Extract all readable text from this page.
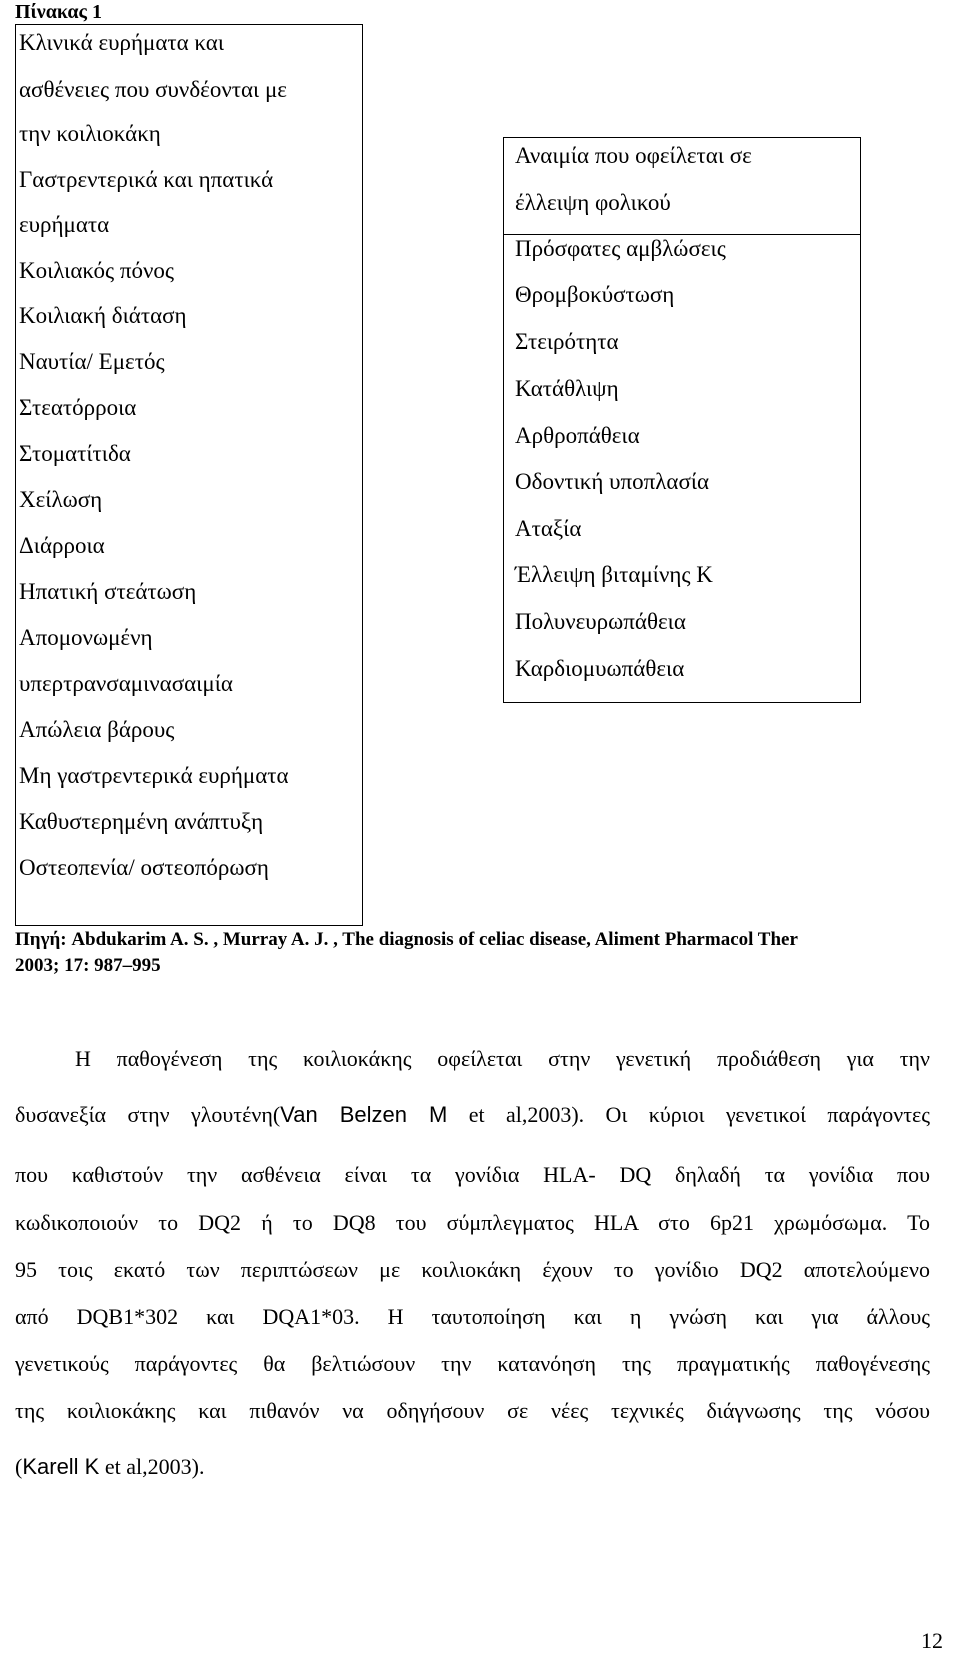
Πίνακας 1
Κλινικά ευρήματα και
ασθένειες που συνδέονται με
την κοιλιοκάκη
Γαστρεντερικά και ηπατικά
ευρήματα
Κοιλιακός πόνος
Κοιλιακή διάταση
Ναυτία/ Εμετός
Στεατόρροια
Στοματίτιδα
Χείλωση
Διάρροια
Ηπατική στεάτωση
Απομονωμένη
υπερτρανσαμινασαιμία
Απώλεια βάρους
Μη γαστρεντερικά ευρήματα
Καθυστερημένη ανάπτυξη
Οστεοπενία/ οστεοπόρωση
Αναιμία που οφείλεται σε
έλλειψη φολικού
Πρόσφατες αμβλώσεις
Θρομβοκύστωση
Στειρότητα
Κατάθλιψη
Αρθροπάθεια
Οδοντική υποπλασία
Αταξία
Έλλειψη βιταμίνης Κ
Πολυνευρωπάθεια
Καρδιομυωπάθεια
Πηγή: Abdukarim A. S. , Murray A. J. , The diagnosis of celiac disease, Aliment Pharmacol Ther
2003; 17: 987–995
Η παθογένεση της κοιλιοκάκης οφείλεται στην γενετική προδιάθεση για την
δυσανεξία στην γλουτένη(Van Belzen M et al,2003). Οι κύριοι γενετικοί παράγοντες
που καθιστούν την ασθένεια είναι τα γονίδια HLA- DQ δηλαδή τα γονίδια που
κωδικοποιούν το DQ2 ή το DQ8 του σύμπλεγματος HLA στο 6p21 χρωμόσωμα. Το
95 τοις εκατό των περιπτώσεων με κοιλιοκάκη έχουν το γονίδιο DQ2 αποτελούμενο
από DQB1*302 και DQA1*03. Η ταυτοποίηση και η γνώση και για άλλους
γενετικούς παράγοντες θα βελτιώσουν την κατανόηση της πραγματικής παθογένεσης
της κοιλιοκάκης και πιθανόν να οδηγήσουν σε νέες τεχνικές διάγνωσης της νόσου
(Karell K et al,2003).
12
